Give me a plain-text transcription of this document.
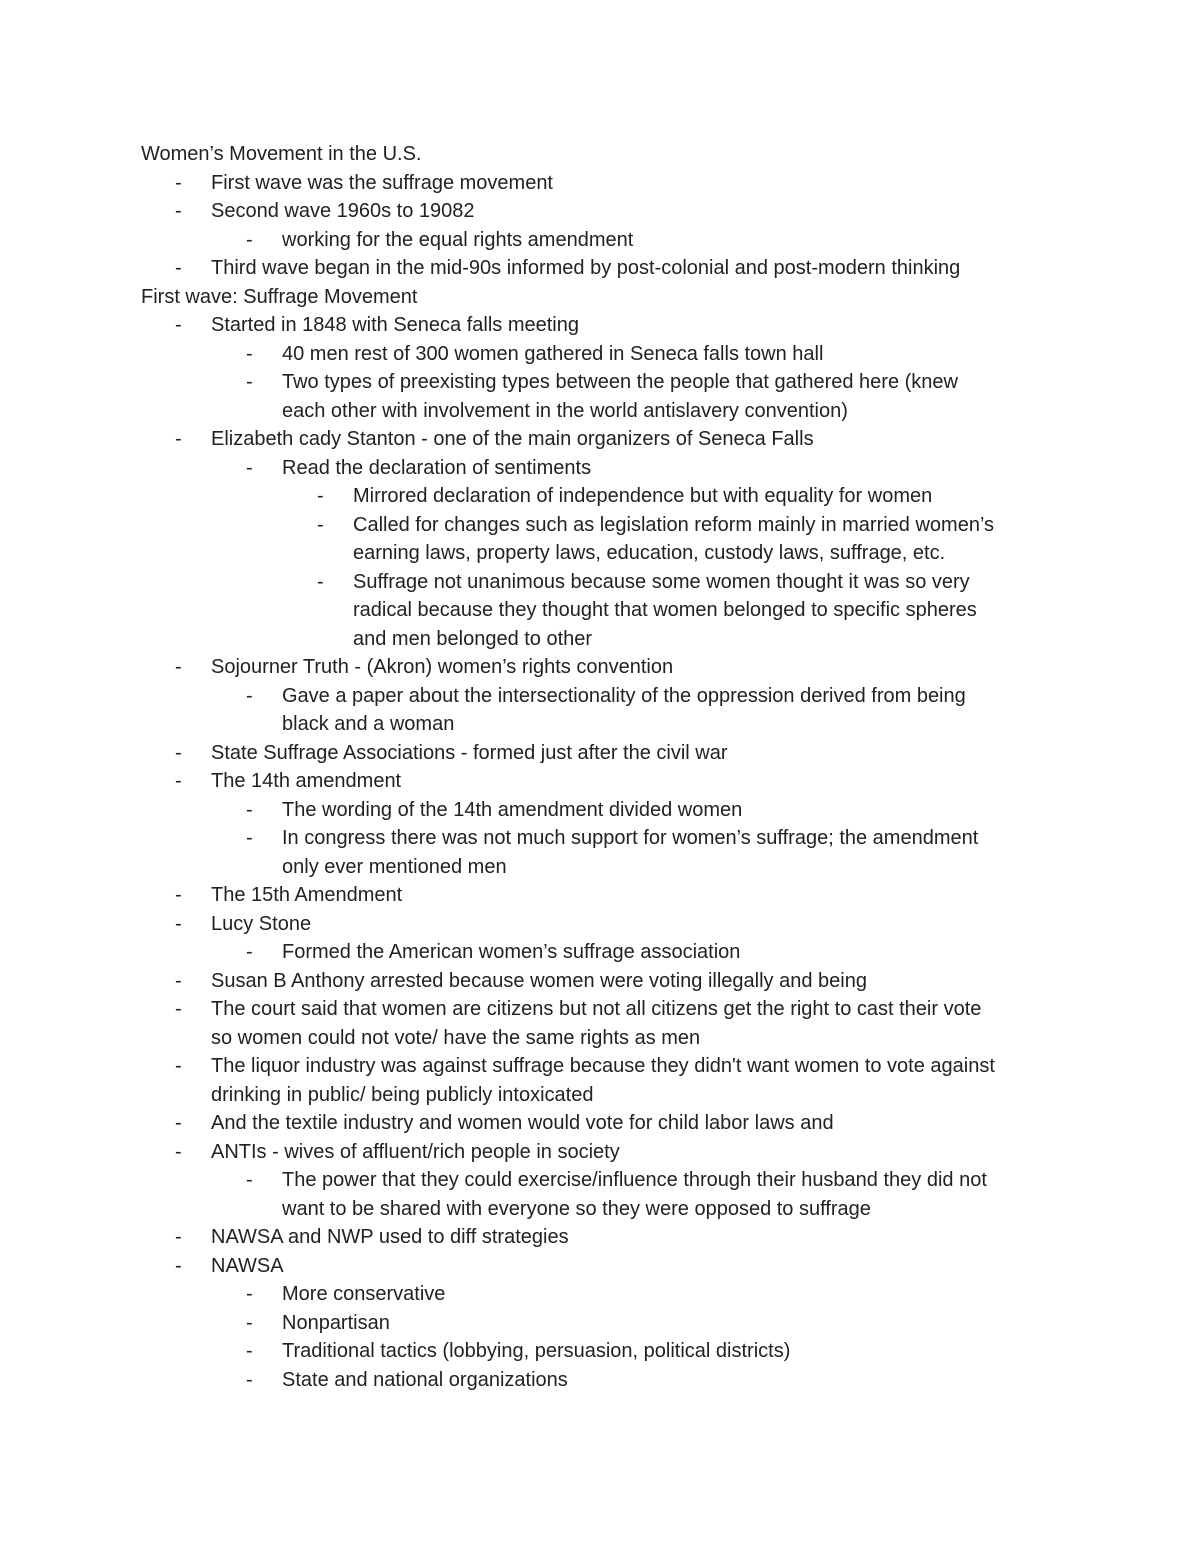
Women’s Movement in the U.S.
- First wave was the suffrage movement
- Second wave 1960s to 19082
- working for the equal rights amendment
- Third wave began in the mid-90s informed by post-colonial and post-modern thinking
First wave: Suffrage Movement
- Started in 1848 with Seneca falls meeting
- 40 men rest of 300 women gathered in Seneca falls town hall
- Two types of preexisting types between the people that gathered here (knew
each other with involvement in the world antislavery convention)
- Elizabeth cady Stanton - one of the main organizers of Seneca Falls
- Read the declaration of sentiments
- Mirrored declaration of independence but with equality for women
- Called for changes such as legislation reform mainly in married women’s
earning laws, property laws, education, custody laws, suffrage, etc.
- Suffrage not unanimous because some women thought it was so very
radical because they thought that women belonged to specific spheres
and men belonged to other
- Sojourner Truth - (Akron) women’s rights convention
- Gave a paper about the intersectionality of the oppression derived from being
black and a woman
- State Suffrage Associations - formed just after the civil war
- The 14th amendment
- The wording of the 14th amendment divided women
- In congress there was not much support for women’s suffrage; the amendment
only ever mentioned men
- The 15th Amendment
- Lucy Stone
- Formed the American women’s suffrage association
- Susan B Anthony arrested because women were voting illegally and being
- The court said that women are citizens but not all citizens get the right to cast their vote
so women could not vote/ have the same rights as men
- The liquor industry was against suffrage because they didn't want women to vote against
drinking in public/ being publicly intoxicated
- And the textile industry and women would vote for child labor laws and
- ANTIs - wives of affluent/rich people in society
- The power that they could exercise/influence through their husband they did not
want to be shared with everyone so they were opposed to suffrage
- NAWSA and NWP used to diff strategies
- NAWSA
- More conservative
- Nonpartisan
- Traditional tactics (lobbying, persuasion, political districts)
- State and national organizations
